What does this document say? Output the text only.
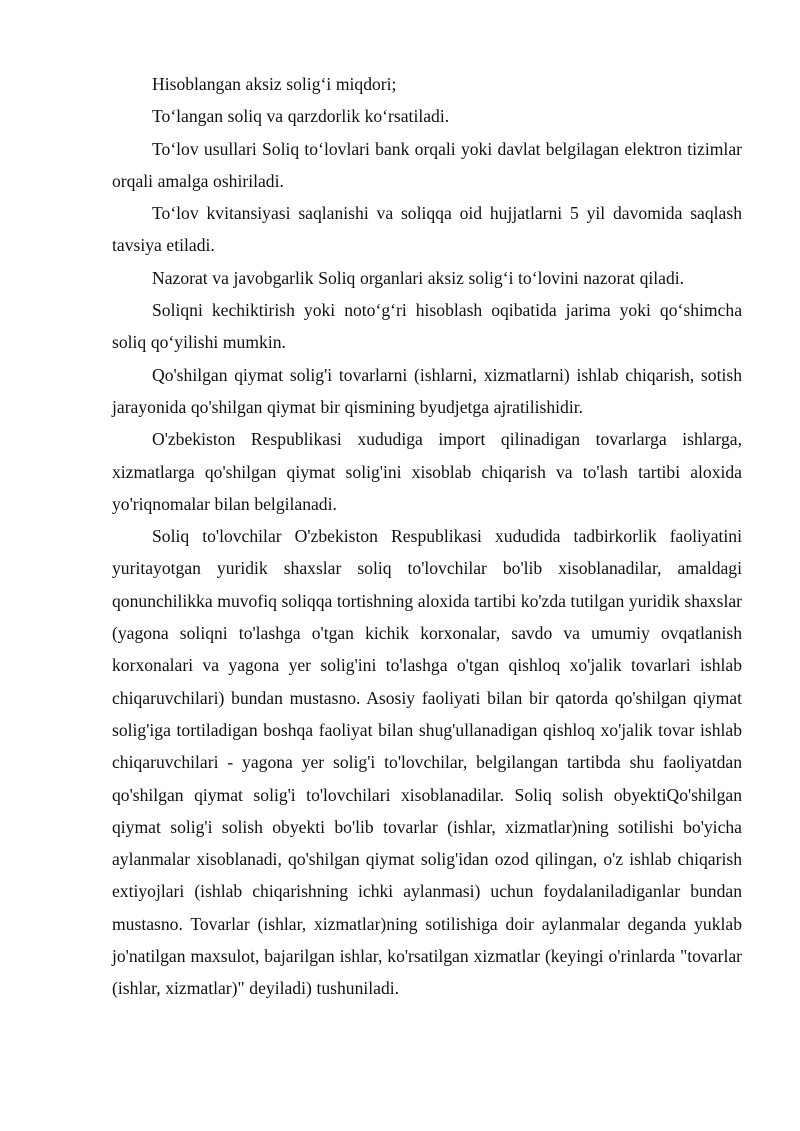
Hisoblangan aksiz solig‘i miqdori;

To‘langan soliq va qarzdorlik ko‘rsatiladi.

To‘lov usullari Soliq to‘lovlari bank orqali yoki davlat belgilagan elektron tizimlar orqali amalga oshiriladi.

To‘lov kvitansiyasi saqlanishi va soliqqa oid hujjatlarni 5 yil davomida saqlash tavsiya etiladi.

Nazorat va javobgarlik Soliq organlari aksiz solig‘i to‘lovini nazorat qiladi.

Soliqni kechiktirish yoki noto‘g‘ri hisoblash oqibatida jarima yoki qo‘shimcha soliq qo‘yilishi mumkin.

Qo'shilgan qiymat solig'i tovarlarni (ishlarni, xizmatlarni) ishlab chiqarish, sotish jarayonida qo'shilgan qiymat bir qismining byudjetga ajratilishidir.

O'zbekiston Respublikasi xududiga import qilinadigan tovarlarga ishlarga, xizmatlarga qo'shilgan qiymat solig'ini xisoblab chiqarish va to'lash tartibi aloxida yo'riqnomalar bilan belgilanadi.

Soliq to'lovchilar O'zbekiston Respublikasi xududida tadbirkorlik faoliyatini yuritayotgan yuridik shaxslar soliq to'lovchilar bo'lib xisoblanadilar, amaldagi qonunchilikka muvofiq soliqqa tortishning aloxida tartibi ko'zda tutilgan yuridik shaxslar (yagona soliqni to'lashga o'tgan kichik korxonalar, savdo va umumiy ovqatlanish korxonalari va yagona yer solig'ini to'lashga o'tgan qishloq xo'jalik tovarlari ishlab chiqaruvchilari) bundan mustasno. Asosiy faoliyati bilan bir qatorda qo'shilgan qiymat solig'iga tortiladigan boshqa faoliyat bilan shug'ullanadigan qishloq xo'jalik tovar ishlab chiqaruvchilari - yagona yer solig'i to'lovchilar, belgilangan tartibda shu faoliyatdan qo'shilgan qiymat solig'i to'lovchilari xisoblanadilar. Soliq solish obyektiQo'shilgan qiymat solig'i solish obyekti bo'lib tovarlar (ishlar, xizmatlar)ning sotilishi bo'yicha aylanmalar xisoblanadi, qo'shilgan qiymat solig'idan ozod qilingan, o'z ishlab chiqarish extiyojlari (ishlab chiqarishning ichki aylanmasi) uchun foydalaniladiganlar bundan mustasno. Tovarlar (ishlar, xizmatlar)ning sotilishiga doir aylanmalar deganda yuklab jo'natilgan maxsulot, bajarilgan ishlar, ko'rsatilgan xizmatlar (keyingi o'rinlarda "tovarlar (ishlar, xizmatlar)" deyiladi) tushuniladi.
